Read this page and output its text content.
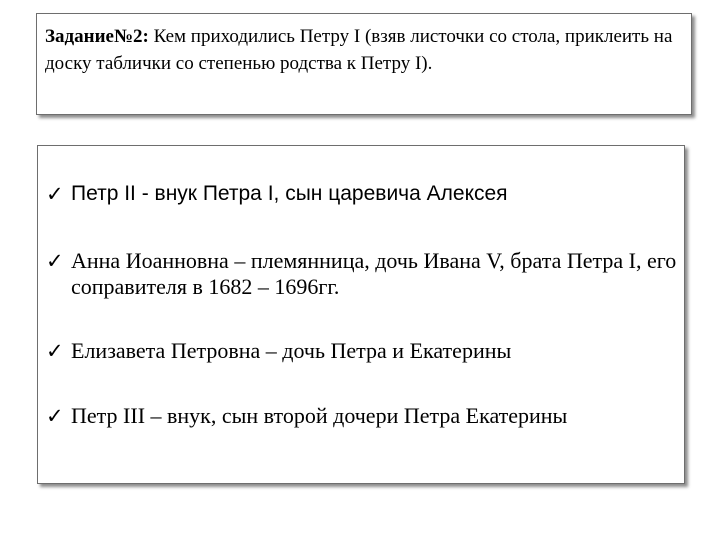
Задание№2: Кем приходились Петру I (взяв листочки со стола, приклеить на доску таблички со степенью родства к Петру I).

✓ Петр II - внук Петра I, сын царевича Алексея
✓ Анна Иоанновна – племянница, дочь Ивана V, брата Петра I, его соправителя в 1682 – 1696гг.
✓ Елизавета Петровна – дочь Петра и Екатерины
✓ Петр III – внук, сын второй дочери Петра Екатерины
